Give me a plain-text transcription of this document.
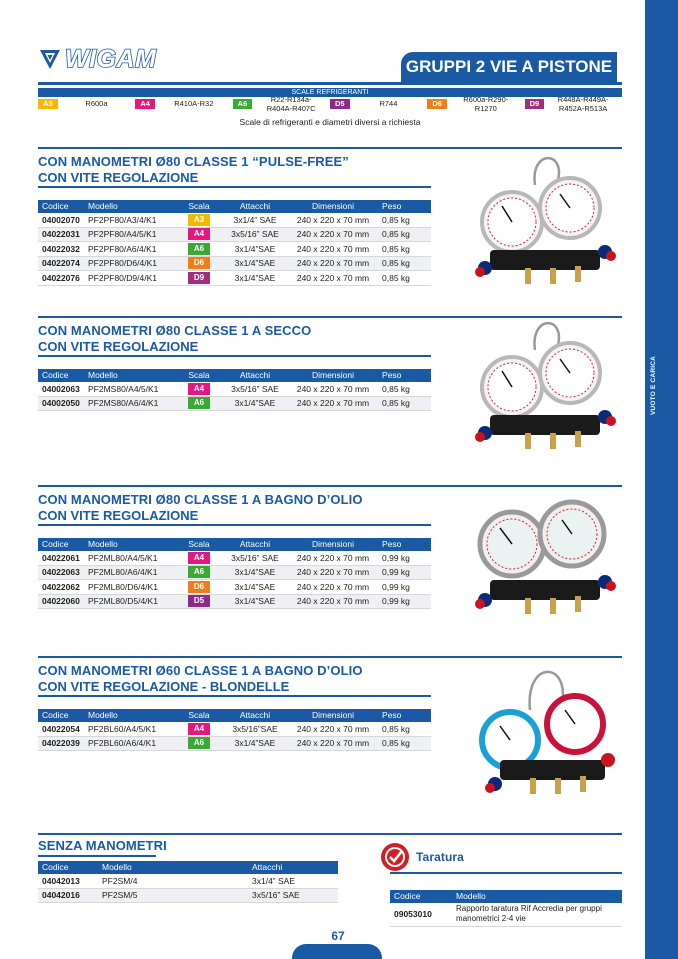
VUOTO E CARICA
WIGAM	GRUPPI 2 VIE A PISTONE
SCALE REFRIGERANTI
A3	R600a	A4	R410A-R32	A6	R22-R134a-R404A-R407C
D5	R744	D6	R600a-R290-R1270
D9	R448A-R449A-R452A-R513A
Scale di refrigeranti e diametri diversi a richiesta
CON MANOMETRI Ø80 CLASSE 1 “PULSE-FREE”
CON VITE REGOLAZIONE
Codice	Modello	Scala	Attacchi	Dimensioni	Peso
04002070	PF2PF80/A3/4/K1	A3	3x1/4” SAE	240 x 220 x 70 mm	0,85 kg
04022031	PF2PF80/A4/5/K1	A4	3x5/16” SAE	240 x 220 x 70 mm	0,85 kg
04022032	PF2PF80/A6/4/K1	A6	3x1/4”SAE	240 x 220 x 70 mm	0,85 kg
04022074	PF2PF80/D6/4/K1	D6	3x1/4”SAE	240 x 220 x 70 mm	0,85 kg
04022076	PF2PF80/D9/4/K1	D9	3x1/4”SAE	240 x 220 x 70 mm	0,85 kg
CON MANOMETRI Ø80 CLASSE 1 A SECCO
CON VITE REGOLAZIONE
Codice	Modello	Scala	Attacchi	Dimensioni	Peso
04002063	PF2MS80/A4/5/K1	A4	3x5/16” SAE	240 x 220 x 70 mm	0,85 kg
04002050	PF2MS80/A6/4/K1	A6	3x1/4”SAE	240 x 220 x 70 mm	0,85 kg
CON MANOMETRI Ø80 CLASSE 1 A BAGNO D’OLIO
CON VITE REGOLAZIONE
Codice	Modello	Scala	Attacchi	Dimensioni	Peso
04022061	PF2ML80/A4/5/K1	A4	3x5/16” SAE	240 x 220 x 70 mm	0,99 kg
04022063	PF2ML80/A6/4/K1	A6	3x1/4”SAE	240 x 220 x 70 mm	0,99 kg
04022062	PF2ML80/D6/4/K1	D6	3x1/4”SAE	240 x 220 x 70 mm	0,99 kg
04022060	PF2ML80/D5/4/K1	D5	3x1/4”SAE	240 x 220 x 70 mm	0,99 kg
CON MANOMETRI Ø60 CLASSE 1 A BAGNO D’OLIO
CON VITE REGOLAZIONE - BLONDELLE
Codice	Modello	Scala	Attacchi	Dimensioni	Peso
04022054	PF2BL60/A4/5/K1	A4	3x5/16”SAE	240 x 220 x 70 mm	0,85 kg
04022039	PF2BL60/A6/4/K1	A6	3x1/4”SAE	240 x 220 x 70 mm	0,85 kg
SENZA MANOMETRI
Codice	Modello	Attacchi
04042013	PF2SM/4	3x1/4” SAE
04042016	PF2SM/5	3x5/16” SAE
Taratura
Codice	Modello
09053010	Rapporto taratura Rif Accredia per gruppi manometrici 2-4 vie
67
